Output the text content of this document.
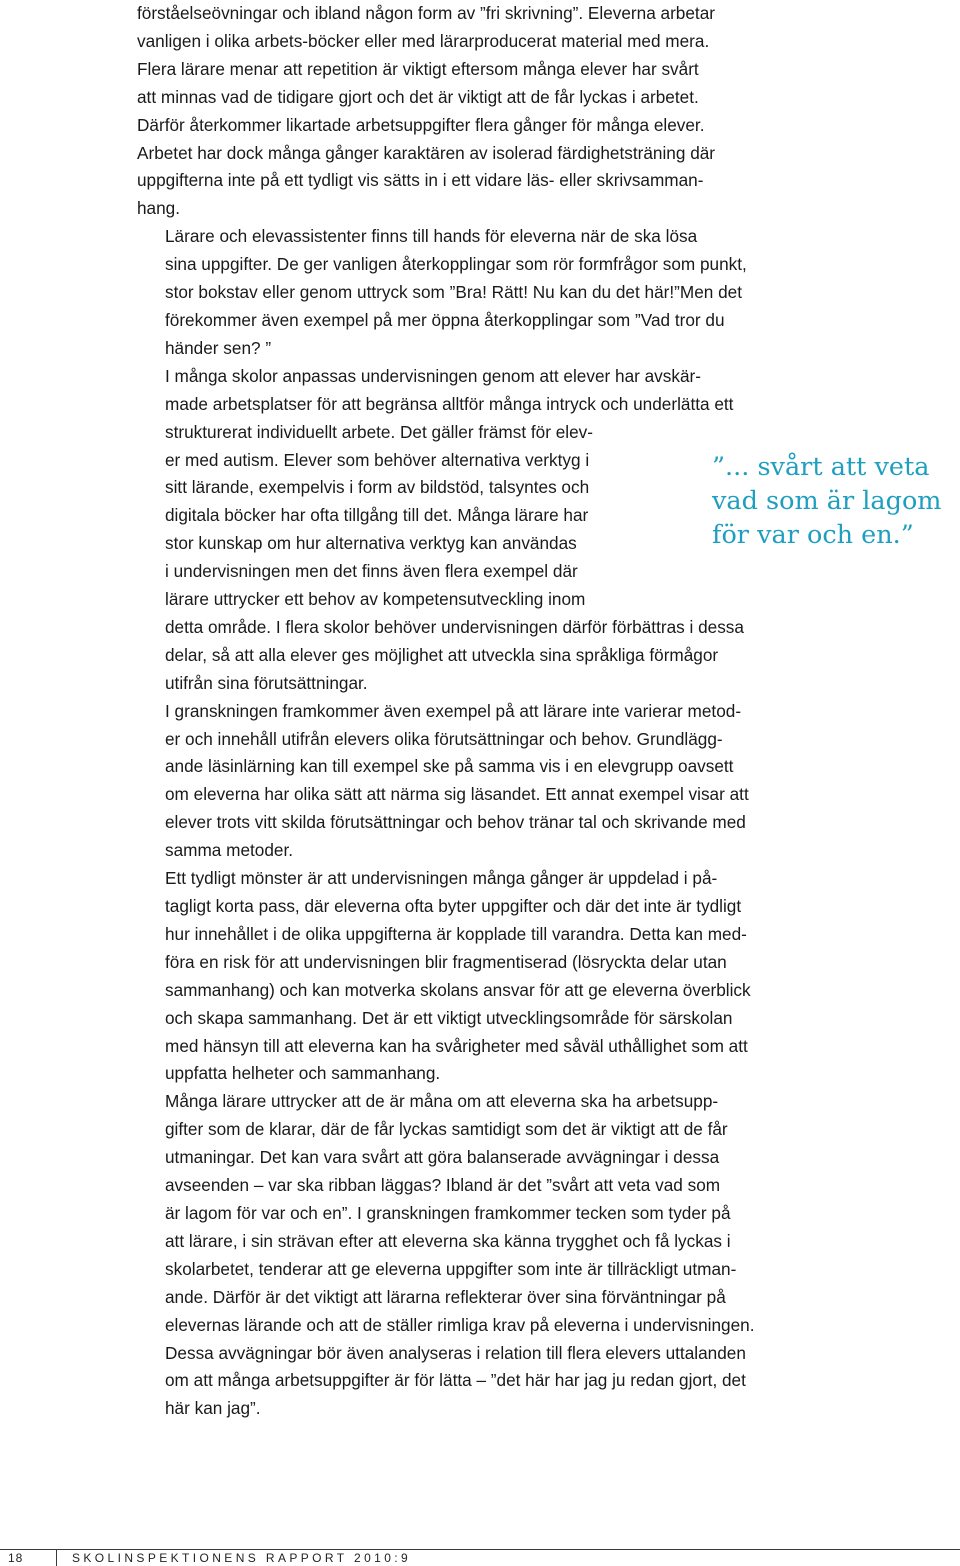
förståelseövningar och ibland någon form av ”fri skrivning”. Eleverna arbetar
vanligen i olika arbets-böcker eller med lärarproducerat material med mera.
Flera lärare menar att repetition är viktigt eftersom många elever har svårt
att minnas vad de tidigare gjort och det är viktigt att de får lyckas i arbetet.
Därför återkommer likartade arbetsuppgifter flera gånger för många elever.
Arbetet har dock många gånger karaktären av isolerad färdighetsträning där
uppgifterna inte på ett tydligt vis sätts in i ett vidare läs- eller skrivsamman-
hang.

Lärare och elevassistenter finns till hands för eleverna när de ska lösa
sina uppgifter. De ger vanligen återkopplingar som rör formfrågor som punkt,
stor bokstav eller genom uttryck som ”Bra! Rätt! Nu kan du det här!”Men det
förekommer även exempel på mer öppna återkopplingar som ”Vad tror du
händer sen? ”

I många skolor anpassas undervisningen genom att elever har avskär-
made arbetsplatser för att begränsa alltför många intryck och underlätta ett
strukturerat individuellt arbete. Det gäller främst för elev-
er med autism. Elever som behöver alternativa verktyg i
sitt lärande, exempelvis i form av bildstöd, talsyntes och
digitala böcker har ofta tillgång till det. Många lärare har
stor kunskap om hur alternativa verktyg kan användas
i undervisningen men det finns även flera exempel där
lärare uttrycker ett behov av kompetensutveckling inom
detta område. I flera skolor behöver undervisningen därför förbättras i dessa
delar, så att alla elever ges möjlighet att utveckla sina språkliga förmågor
utifrån sina förutsättningar.

I granskningen framkommer även exempel på att lärare inte varierar metod-
er och innehåll utifrån elevers olika förutsättningar och behov. Grundlägg-
ande läsinlärning kan till exempel ske på samma vis i en elevgrupp oavsett
om eleverna har olika sätt att närma sig läsandet. Ett annat exempel visar att
elever trots vitt skilda förutsättningar och behov tränar tal och skrivande med
samma metoder.

Ett tydligt mönster är att undervisningen många gånger är uppdelad i på-
tagligt korta pass, där eleverna ofta byter uppgifter och där det inte är tydligt
hur innehållet i de olika uppgifterna är kopplade till varandra. Detta kan med-
föra en risk för att undervisningen blir fragmentiserad (lösryckta delar utan
sammanhang) och kan motverka skolans ansvar för att ge eleverna överblick
och skapa sammanhang. Det är ett viktigt utvecklingsområde för särskolan
med hänsyn till att eleverna kan ha svårigheter med såväl uthållighet som att
uppfatta helheter och sammanhang.

Många lärare uttrycker att de är måna om att eleverna ska ha arbetsupp-
gifter som de klarar, där de får lyckas samtidigt som det är viktigt att de får
utmaningar. Det kan vara svårt att göra balanserade avvägningar i dessa
avseenden – var ska ribban läggas? Ibland är det ”svårt att veta vad som
är lagom för var och en”. I granskningen framkommer tecken som tyder på
att lärare, i sin strävan efter att eleverna ska känna trygghet och få lyckas i
skolarbetet, tenderar att ge eleverna uppgifter som inte är tillräckligt utman-
ande. Därför är det viktigt att lärarna reflekterar över sina förväntningar på
elevernas lärande och att de ställer rimliga krav på eleverna i undervisningen.
Dessa avvägningar bör även analyseras i relation till flera elevers uttalanden
om att många arbetsuppgifter är för lätta – ”det här har jag ju redan gjort, det
här kan jag”.

”... svårt att veta
vad som är lagom
för var och en.”
18	SKOLINSPEKTIONENS RAPPORT 2010:9
